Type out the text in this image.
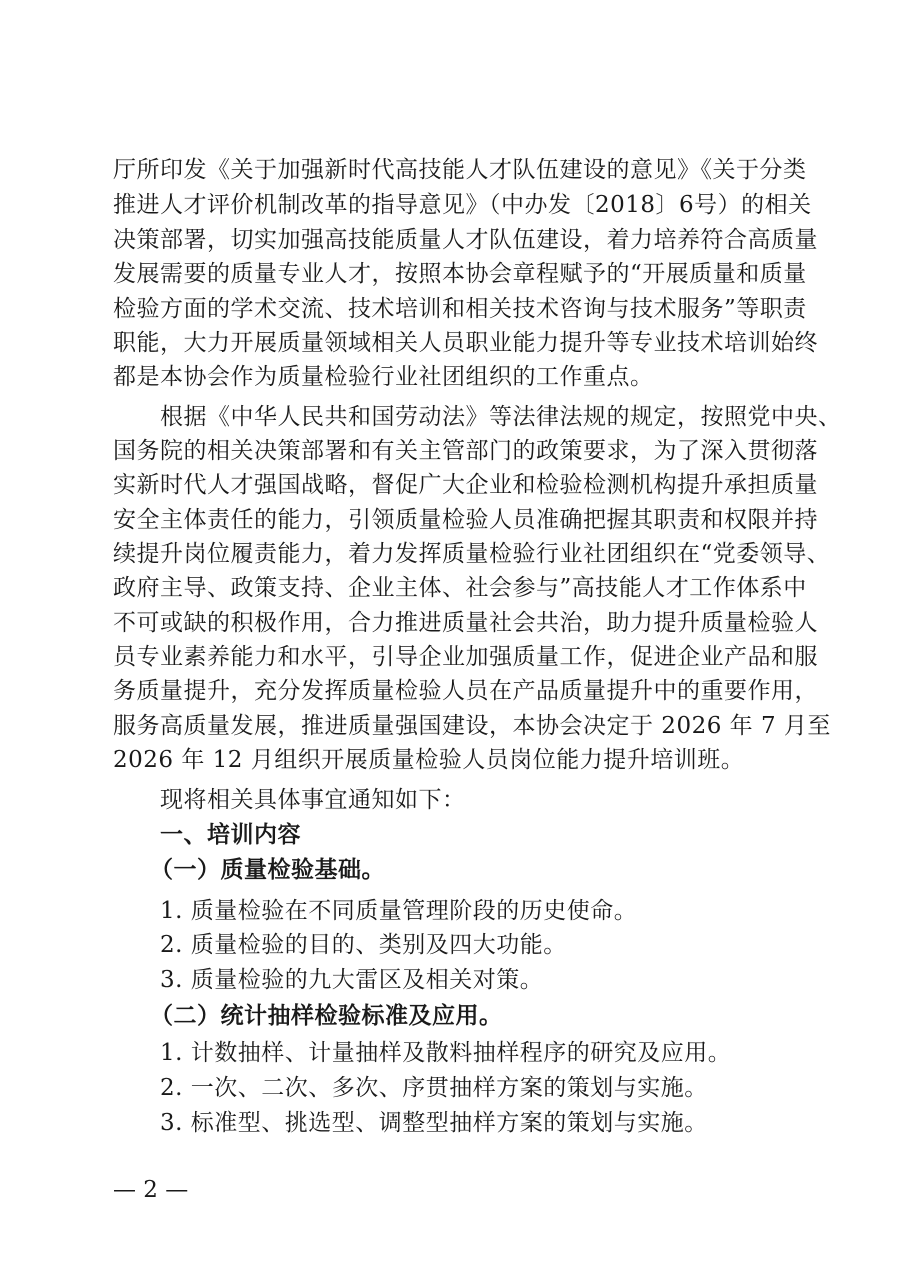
厅所印发《关于加强新时代高技能人才队伍建设的意见》《关于分类
推进人才评价机制改革的指导意见》（中办发〔2018〕6号）的相关
决策部署，切实加强高技能质量人才队伍建设，着力培养符合高质量
发展需要的质量专业人才，按照本协会章程赋予的“开展质量和质量
检验方面的学术交流、技术培训和相关技术咨询与技术服务”等职责
职能，大力开展质量领域相关人员职业能力提升等专业技术培训始终
都是本协会作为质量检验行业社团组织的工作重点。
根据《中华人民共和国劳动法》等法律法规的规定，按照党中央、
国务院的相关决策部署和有关主管部门的政策要求，为了深入贯彻落
实新时代人才强国战略，督促广大企业和检验检测机构提升承担质量
安全主体责任的能力，引领质量检验人员准确把握其职责和权限并持
续提升岗位履责能力，着力发挥质量检验行业社团组织在“党委领导、
政府主导、政策支持、企业主体、社会参与”高技能人才工作体系中
不可或缺的积极作用，合力推进质量社会共治，助力提升质量检验人
员专业素养能力和水平，引导企业加强质量工作，促进企业产品和服
务质量提升，充分发挥质量检验人员在产品质量提升中的重要作用，
服务高质量发展，推进质量强国建设，本协会决定于 2026 年 7 月至
2026 年 12 月组织开展质量检验人员岗位能力提升培训班。
现将相关具体事宜通知如下：
一、培训内容
（一）质量检验基础。
1. 质量检验在不同质量管理阶段的历史使命。
2. 质量检验的目的、类别及四大功能。
3. 质量检验的九大雷区及相关对策。
（二）统计抽样检验标准及应用。
1. 计数抽样、计量抽样及散料抽样程序的研究及应用。
2. 一次、二次、多次、序贯抽样方案的策划与实施。
3. 标准型、挑选型、调整型抽样方案的策划与实施。
— 2 —
